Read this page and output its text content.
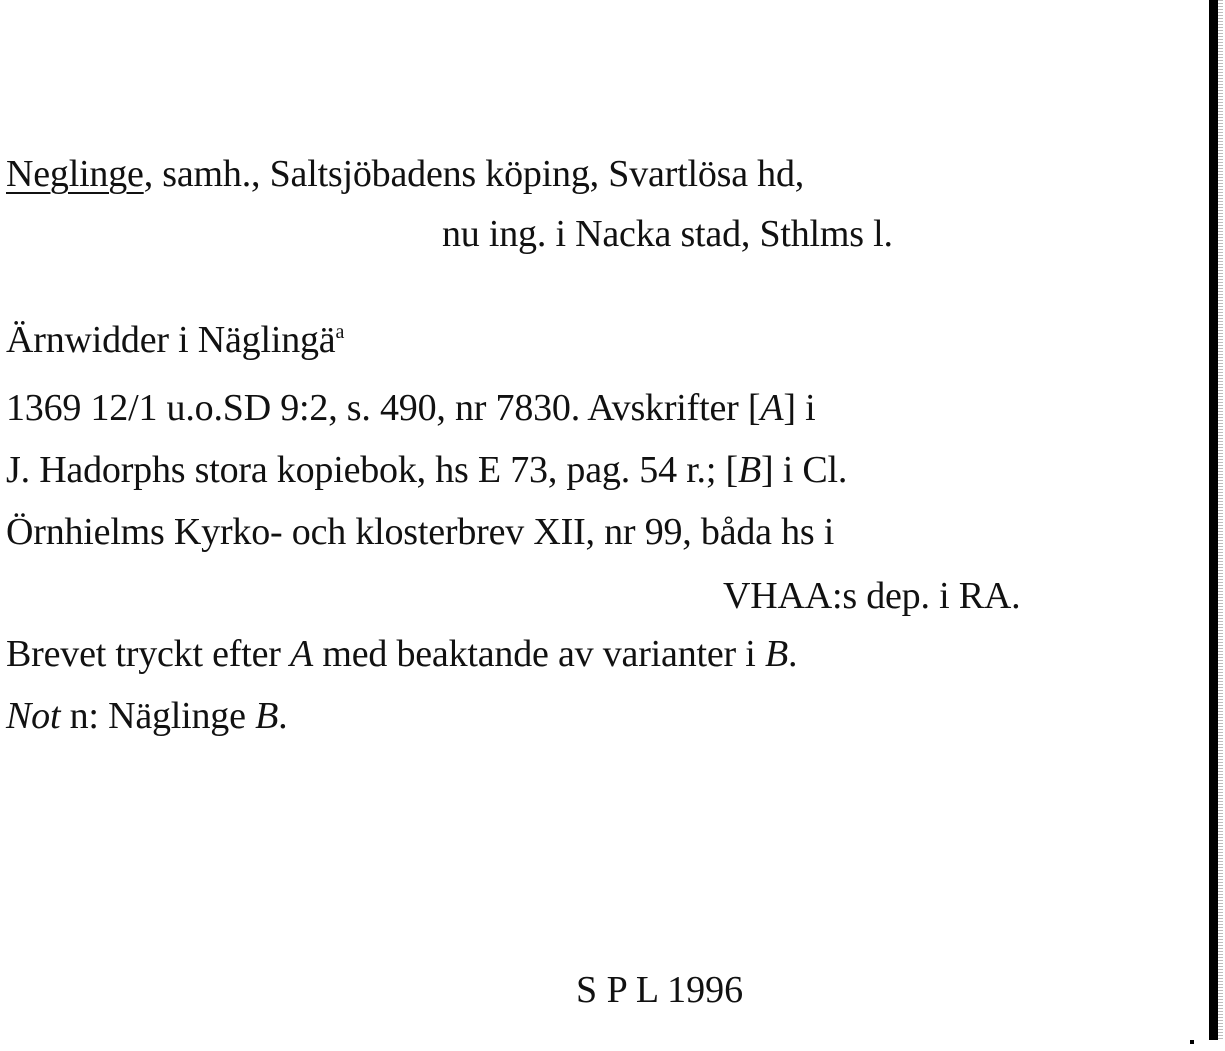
Neglinge, samh., Saltsjöbadens köping, Svartlösa hd,
nu ing. i Nacka stad, Sthlms l.
Ärnwidder i Näglingä$^a$
1369 12/1 u.o.SD 9:2, s. 490, nr 7830. Avskrifter [A] i
J. Hadorphs stora kopiebok, hs E 73, pag. 54 r.; [B] i Cl.
Örnhielms Kyrko- och klosterbrev XII, nr 99, båda hs i
VHAA:s dep. i RA.
Brevet tryckt efter A med beaktande av varianter i B.
Not n: Näglinge B.
S P L 1996
